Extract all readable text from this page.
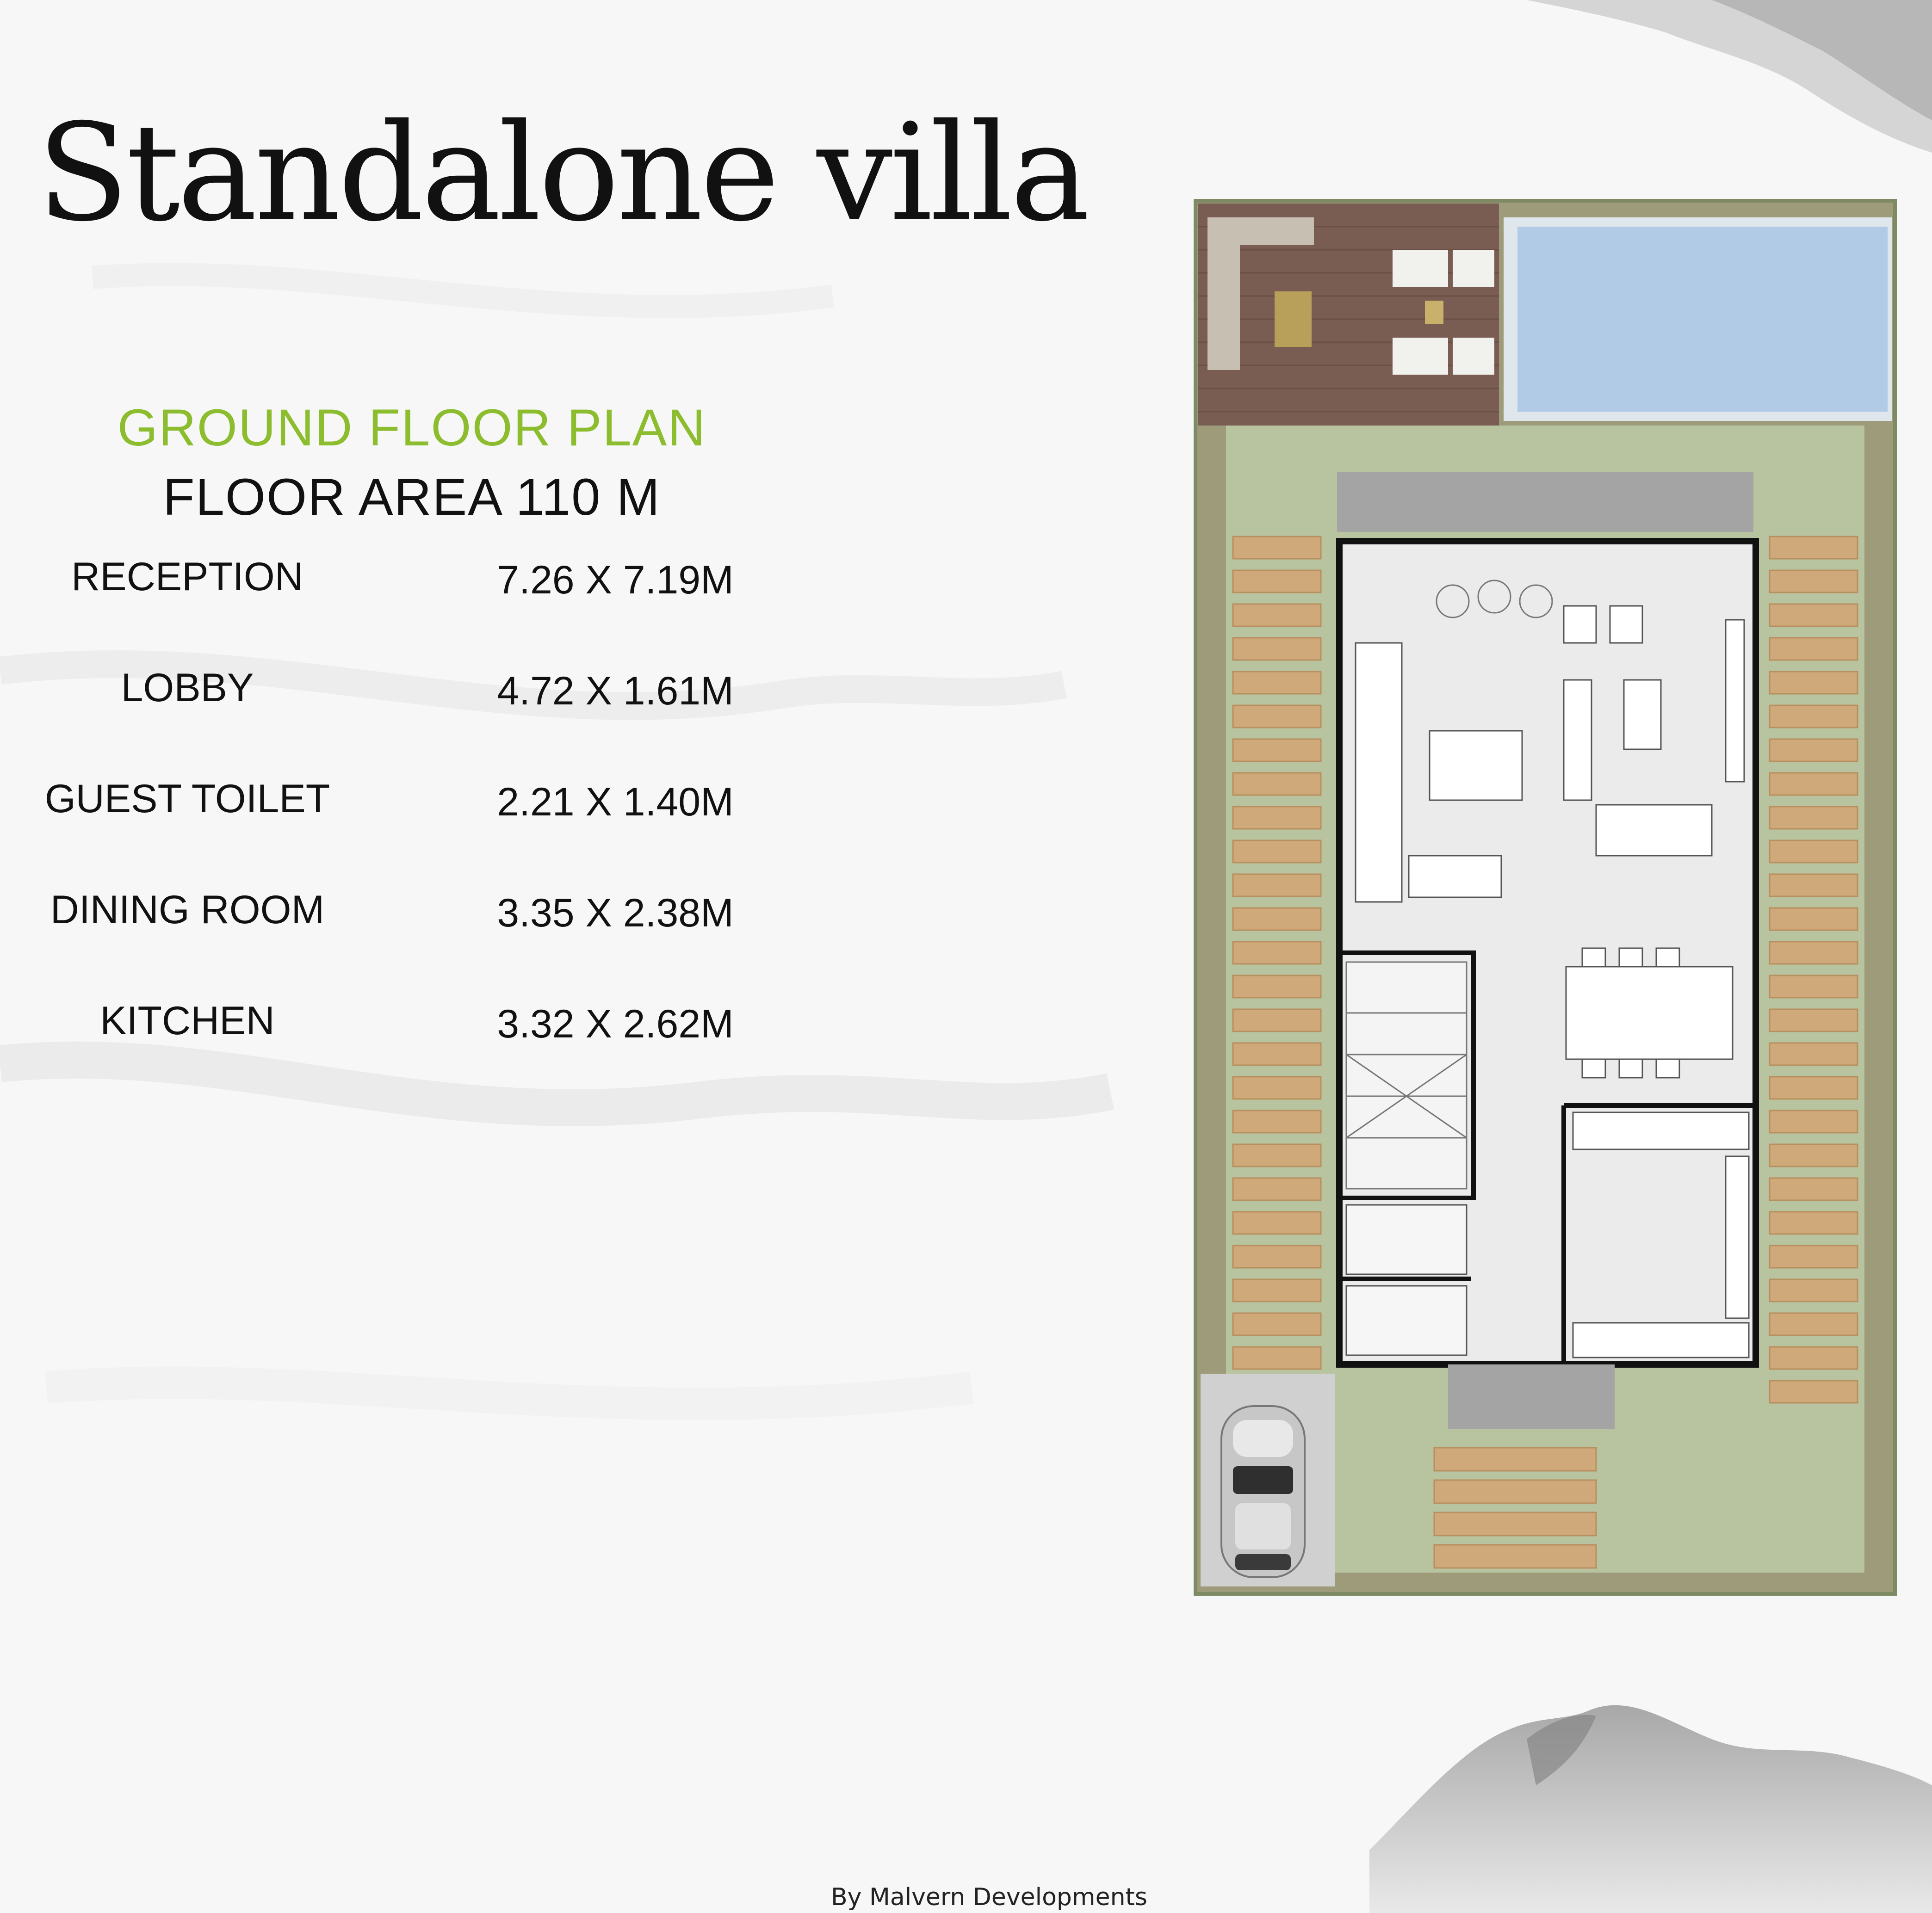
Standalone villa
GROUND FLOOR PLAN
FLOOR AREA 110 M
RECEPTION	7.26 X 7.19M
LOBBY	4.72 X 1.61M
GUEST TOILET	2.21 X 1.40M
DINING ROOM	3.35 X 2.38M
KITCHEN	3.32 X 2.62M
By Malvern Developments
